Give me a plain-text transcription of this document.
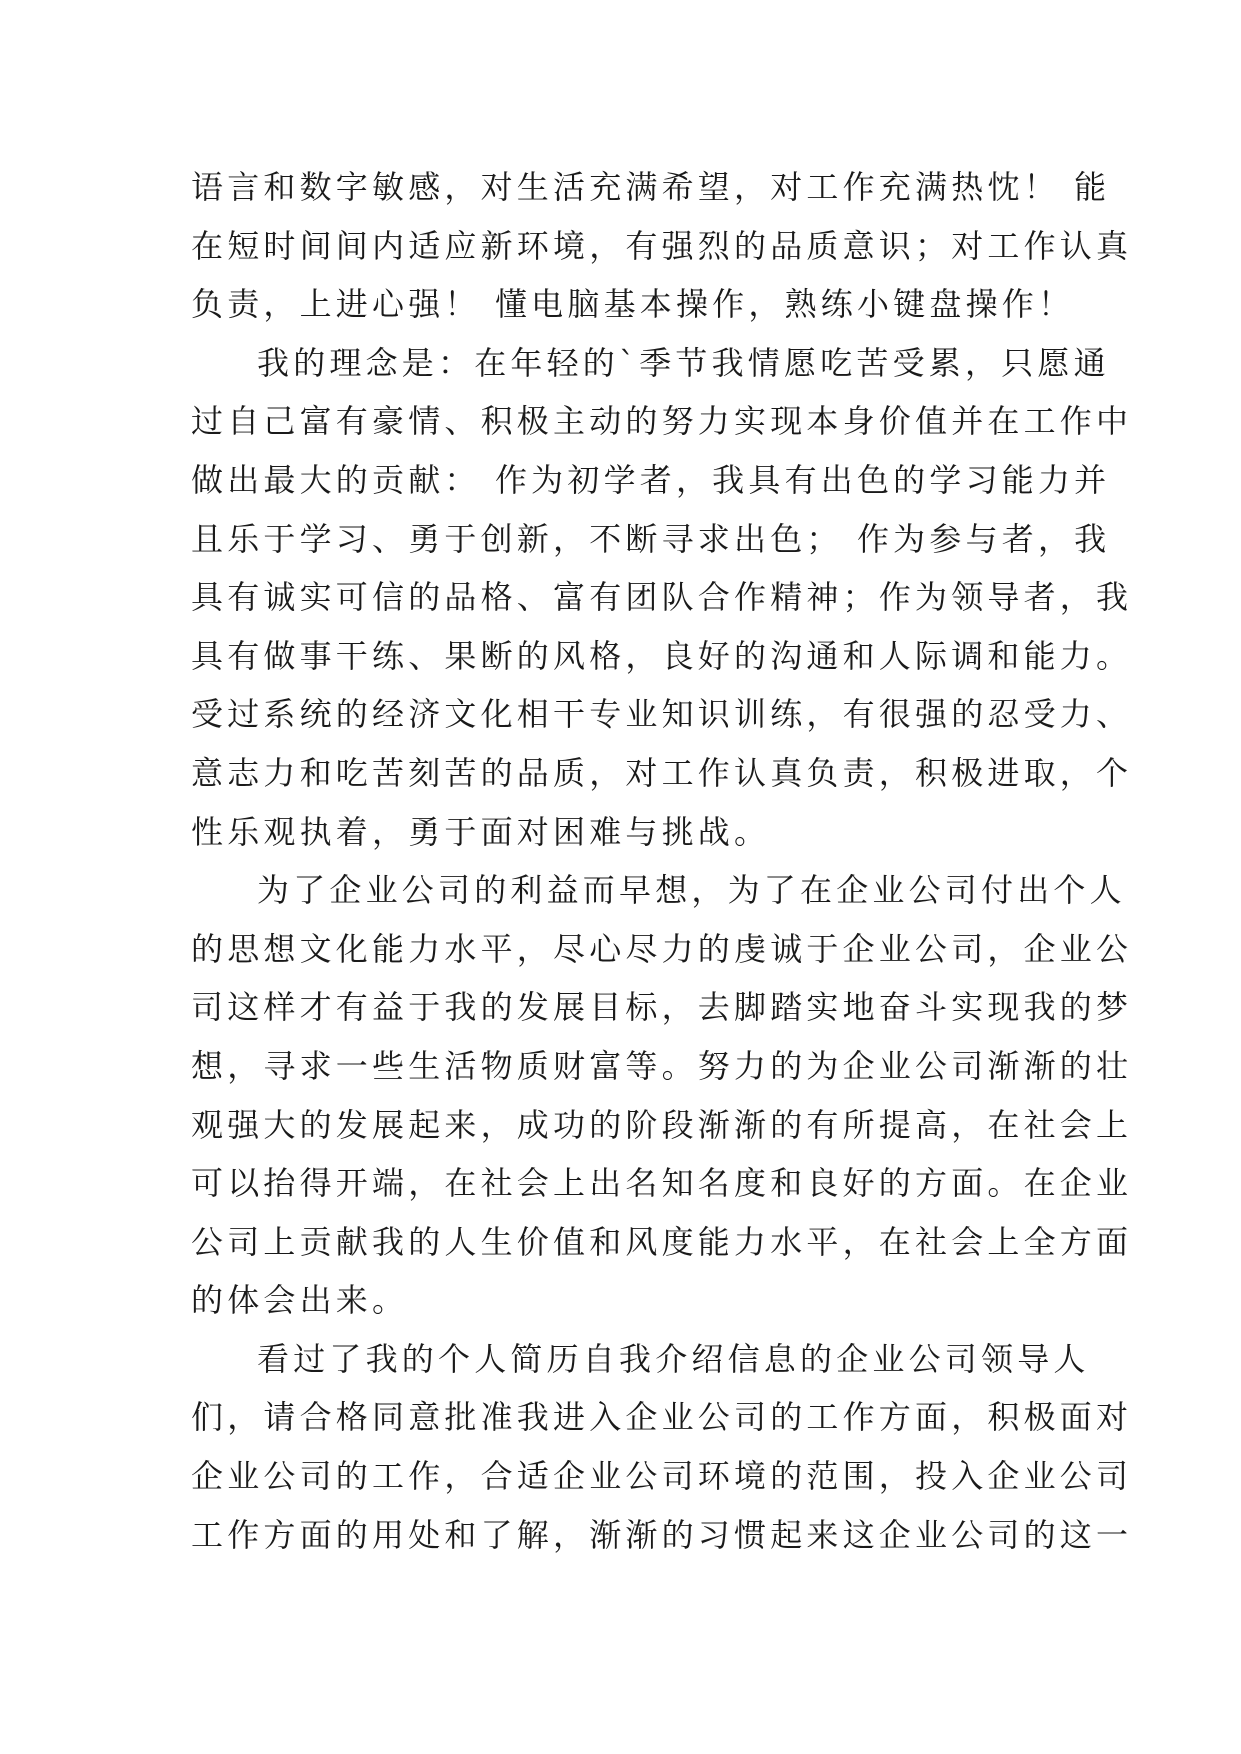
语言和数字敏感，对生活充满希望，对工作充满热忱！ 能
在短时间间内适应新环境，有强烈的品质意识；对工作认真
负责，上进心强！ 懂电脑基本操作，熟练小键盘操作！
我的理念是：在年轻的`季节我情愿吃苦受累，只愿通
过自己富有豪情、积极主动的努力实现本身价值并在工作中
做出最大的贡献： 作为初学者，我具有出色的学习能力并
且乐于学习、勇于创新，不断寻求出色； 作为参与者，我
具有诚实可信的品格、富有团队合作精神；作为领导者，我
具有做事干练、果断的风格，良好的沟通和人际调和能力。
受过系统的经济文化相干专业知识训练，有很强的忍受力、
意志力和吃苦刻苦的品质，对工作认真负责，积极进取，个
性乐观执着，勇于面对困难与挑战。
为了企业公司的利益而早想，为了在企业公司付出个人
的思想文化能力水平，尽心尽力的虔诚于企业公司，企业公
司这样才有益于我的发展目标，去脚踏实地奋斗实现我的梦
想，寻求一些生活物质财富等。努力的为企业公司渐渐的壮
观强大的发展起来，成功的阶段渐渐的有所提高，在社会上
可以抬得开端，在社会上出名知名度和良好的方面。在企业
公司上贡献我的人生价值和风度能力水平，在社会上全方面
的体会出来。
看过了我的个人简历自我介绍信息的企业公司领导人
们，请合格同意批准我进入企业公司的工作方面，积极面对
企业公司的工作，合适企业公司环境的范围，投入企业公司
工作方面的用处和了解，渐渐的习惯起来这企业公司的这一
